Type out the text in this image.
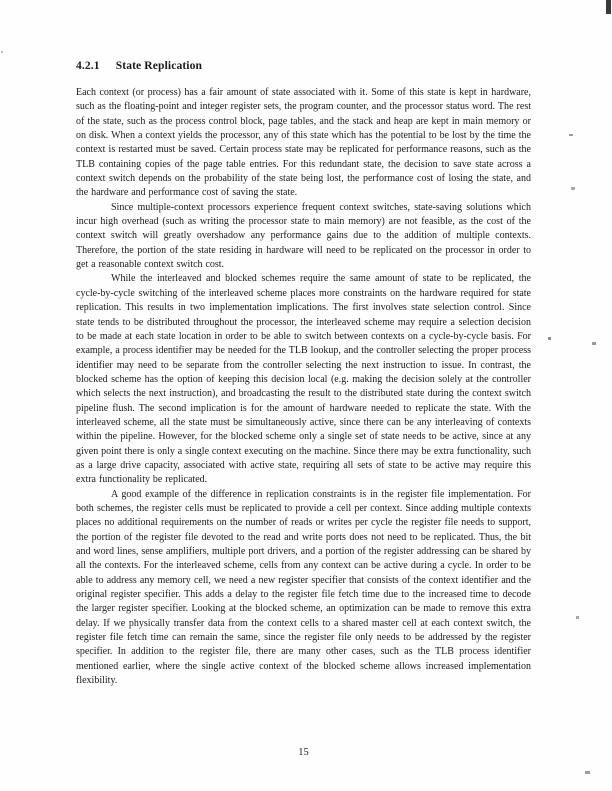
4.2.1 State Replication

Each context (or process) has a fair amount of state associated with it. Some of this state is kept in hardware, such as the floating-point and integer register sets, the program counter, and the processor status word. The rest of the state, such as the process control block, page tables, and the stack and heap are kept in main memory or on disk. When a context yields the processor, any of this state which has the potential to be lost by the time the context is restarted must be saved. Certain process state may be replicated for performance reasons, such as the TLB containing copies of the page table entries. For this redundant state, the decision to save state across a context switch depends on the probability of the state being lost, the performance cost of losing the state, and the hardware and performance cost of saving the state.

Since multiple-context processors experience frequent context switches, state-saving solutions which incur high overhead (such as writing the processor state to main memory) are not feasible, as the cost of the context switch will greatly overshadow any performance gains due to the addition of multiple contexts. Therefore, the portion of the state residing in hardware will need to be replicated on the processor in order to get a reasonable context switch cost.

While the interleaved and blocked schemes require the same amount of state to be replicated, the cycle-by-cycle switching of the interleaved scheme places more constraints on the hardware required for state replication. This results in two implementation implications. The first involves state selection control. Since state tends to be distributed throughout the processor, the interleaved scheme may require a selection decision to be made at each state location in order to be able to switch between contexts on a cycle-by-cycle basis. For example, a process identifier may be needed for the TLB lookup, and the controller selecting the proper process identifier may need to be separate from the controller selecting the next instruction to issue. In contrast, the blocked scheme has the option of keeping this decision local (e.g. making the decision solely at the controller which selects the next instruction), and broadcasting the result to the distributed state during the context switch pipeline flush. The second implication is for the amount of hardware needed to replicate the state. With the interleaved scheme, all the state must be simultaneously active, since there can be any interleaving of contexts within the pipeline. However, for the blocked scheme only a single set of state needs to be active, since at any given point there is only a single context executing on the machine. Since there may be extra functionality, such as a large drive capacity, associated with active state, requiring all sets of state to be active may require this extra functionality be replicated.

A good example of the difference in replication constraints is in the register file implementation. For both schemes, the register cells must be replicated to provide a cell per context. Since adding multiple contexts places no additional requirements on the number of reads or writes per cycle the register file needs to support, the portion of the register file devoted to the read and write ports does not need to be replicated. Thus, the bit and word lines, sense amplifiers, multiple port drivers, and a portion of the register addressing can be shared by all the contexts. For the interleaved scheme, cells from any context can be active during a cycle. In order to be able to address any memory cell, we need a new register specifier that consists of the context identifier and the original register specifier. This adds a delay to the register file fetch time due to the increased time to decode the larger register specifier. Looking at the blocked scheme, an optimization can be made to remove this extra delay. If we physically transfer data from the context cells to a shared master cell at each context switch, the register file fetch time can remain the same, since the register file only needs to be addressed by the register specifier. In addition to the register file, there are many other cases, such as the TLB process identifier mentioned earlier, where the single active context of the blocked scheme allows increased implementation flexibility.

15
